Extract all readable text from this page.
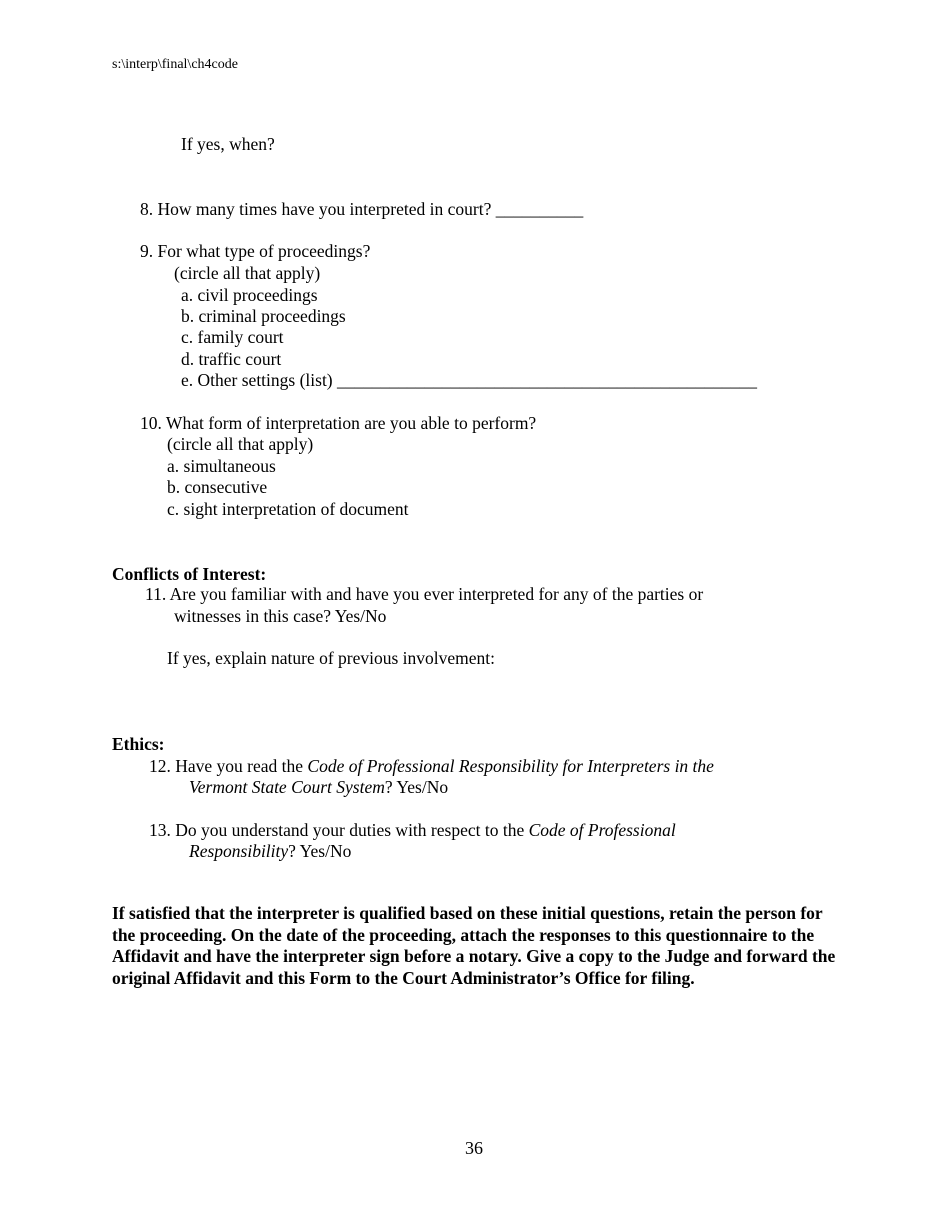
s:\interp\final\ch4code
If yes, when?
8. How many times have you interpreted in court? __________
9. For what type of proceedings?
(circle all that apply)
a. civil proceedings
b. criminal proceedings
c. family court
d. traffic court
e. Other settings (list) ________________________________________________
10. What form of interpretation are you able to perform?
(circle all that apply)
a. simultaneous
b. consecutive
c. sight interpretation of document
Conflicts of Interest:
11. Are you familiar with and have you ever interpreted for any of the parties or
witnesses in this case? Yes/No
If yes, explain nature of previous involvement:
Ethics:
12. Have you read the Code of Professional Responsibility for Interpreters in the
Vermont State Court System? Yes/No
13. Do you understand your duties with respect to the Code of Professional
Responsibility? Yes/No
If satisfied that the interpreter is qualified based on these initial questions, retain the person for the proceeding. On the date of the proceeding, attach the responses to this questionnaire to the Affidavit and have the interpreter sign before a notary. Give a copy to the Judge and forward the original Affidavit and this Form to the Court Administrator’s Office for filing.
36
